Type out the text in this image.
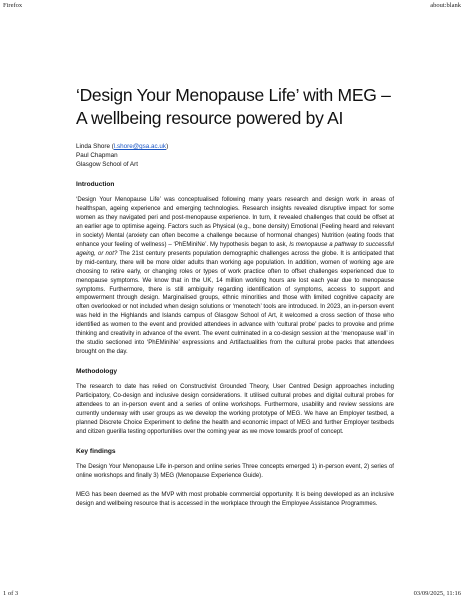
Firefox	about:blank
‘Design Your Menopause Life’ with MEG –
A wellbeing resource powered by AI
Linda Shore (l.shore@gsa.ac.uk)
Paul Chapman
Glasgow School of Art
Introduction

‘Design Your Menopause Life’ was conceptualised following many years research and design work in areas of healthspan, ageing experience and emerging technologies. Research insights revealed disruptive impact for some women as they navigated peri and post-menopause experience. In turn, it revealed challenges that could be offset at an earlier age to optimise ageing. Factors such as Physical (e.g., bone density) Emotional (Feeling heard and relevant in society) Mental (anxiety can often become a challenge because of hormonal changes) Nutrition (eating foods that enhance your feeling of wellness) – ‘PhEMiniNe’. My hypothesis began to ask, Is menopause a pathway to successful ageing, or not? The 21st century presents population demographic challenges across the globe. It is anticipated that by mid-century, there will be more older adults than working age population. In addition, women of working age are choosing to retire early, or changing roles or types of work practice often to offset challenges experienced due to menopause symptoms. We know that in the UK, 14 million working hours are lost each year due to menopause symptoms. Furthermore, there is still ambiguity regarding identification of symptoms, access to support and empowerment through design. Marginalised groups, ethnic minorities and those with limited cognitive capacity are often overlooked or not included when design solutions or ‘menotech’ tools are introduced. In 2023, an in-person event was held in the Highlands and Islands campus of Glasgow School of Art, it welcomed a cross section of those who identified as women to the event and provided attendees in advance with ‘cultural probe’ packs to provoke and prime thinking and creativity in advance of the event. The event culminated in a co-design session at the ‘menopause wall’ in the studio sectioned into ‘PhEMiniNe’ expressions and Artifactualities from the cultural probe packs that attendees brought on the day.

Methodology

The research to date has relied on Constructivist Grounded Theory, User Centred Design approaches including Participatory, Co-design and inclusive design considerations. It utilised cultural probes and digital cultural probes for attendees to an in-person event and a series of online workshops. Furthermore, usability and review sessions are currently underway with user groups as we develop the working prototype of MEG. We have an Employer testbed, a planned Discrete Choice Experiment to define the health and economic impact of MEG and further Employer testbeds and citizen guerilla testing opportunities over the coming year as we move towards proof of concept.

Key findings

The Design Your Menopause Life in-person and online series Three concepts emerged 1) in-person event, 2) series of online workshops and finally 3) MEG (Menopause Experience Guide).

MEG has been deemed as the MVP with most probable commercial opportunity. It is being developed as an inclusive design and wellbeing resource that is accessed in the workplace through the Employee Assistance Programmes.

1 of 3	03/09/2025, 11:16
